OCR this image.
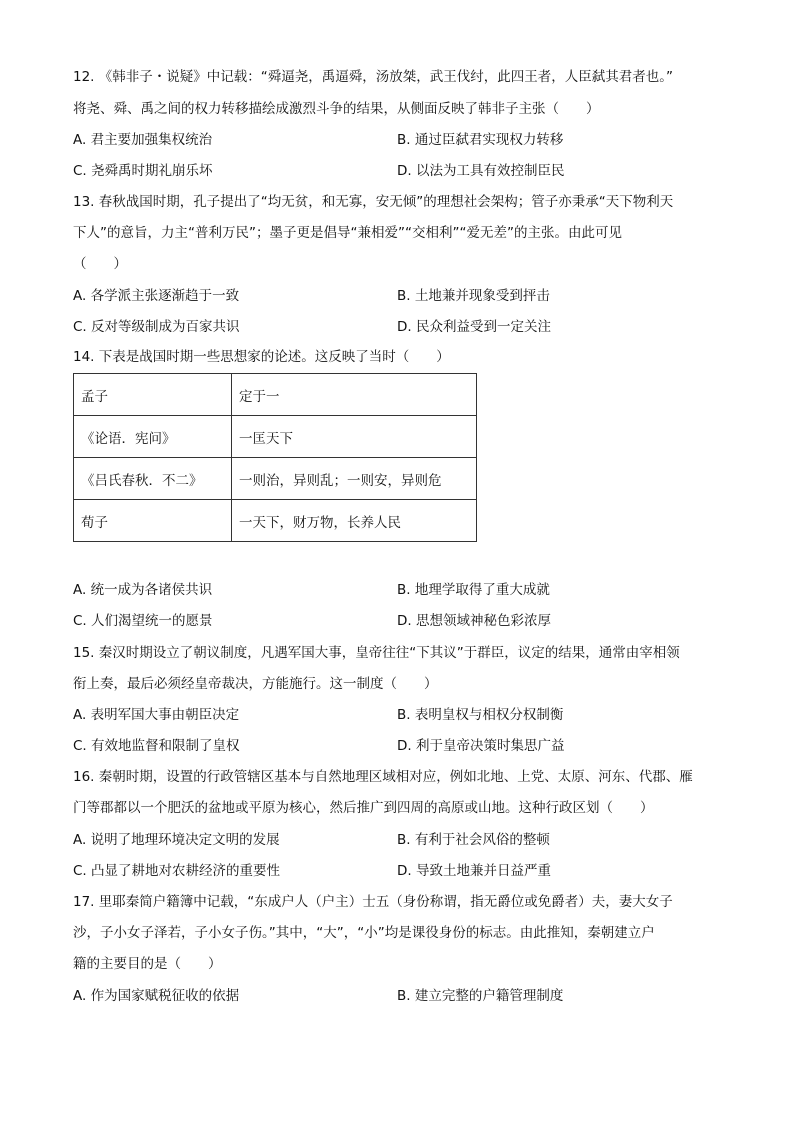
12. 《韩非子・说疑》中记载：“舜逼尧，禹逼舜，汤放桀，武王伐纣，此四王者，人臣弑其君者也。”
将尧、舜、禹之间的权力转移描绘成激烈斗争的结果，从侧面反映了韩非子主张（　　）
A. 君主要加强集权统治	B. 通过臣弑君实现权力转移
C. 尧舜禹时期礼崩乐坏	D. 以法为工具有效控制臣民
13. 春秋战国时期，孔子提出了“均无贫，和无寡，安无倾”的理想社会架构；管子亦秉承“天下物利天
下人”的意旨，力主“普利万民”；墨子更是倡导“兼相爱”“交相利”“爱无差”的主张。由此可见
（　　）
A. 各学派主张逐渐趋于一致	B. 土地兼并现象受到抨击
C. 反对等级制成为百家共识	D. 民众利益受到一定关注
14. 下表是战国时期一些思想家的论述。这反映了当时（　　）
孟子	定于一
《论语．宪问》	一匡天下
《吕氏春秋．不二》	一则治，异则乱；一则安，异则危
荀子	一天下，财万物，长养人民
A. 统一成为各诸侯共识	B. 地理学取得了重大成就
C. 人们渴望统一的愿景	D. 思想领域神秘色彩浓厚
15. 秦汉时期设立了朝议制度，凡遇军国大事，皇帝往往“下其议”于群臣，议定的结果，通常由宰相领
衔上奏，最后必须经皇帝裁决，方能施行。这一制度（　　）
A. 表明军国大事由朝臣决定	B. 表明皇权与相权分权制衡
C. 有效地监督和限制了皇权	D. 利于皇帝决策时集思广益
16. 秦朝时期，设置的行政管辖区基本与自然地理区域相对应，例如北地、上党、太原、河东、代郡、雁
门等郡都以一个肥沃的盆地或平原为核心，然后推广到四周的高原或山地。这种行政区划（　　）
A. 说明了地理环境决定文明的发展	B. 有利于社会风俗的整顿
C. 凸显了耕地对农耕经济的重要性	D. 导致土地兼并日益严重
17. 里耶秦简户籍簿中记载，“东成户人（户主）士五（身份称谓，指无爵位或免爵者）夫，妻大女子
沙，子小女子泽若，子小女子伤。”其中，“大”，“小”均是课役身份的标志。由此推知，秦朝建立户
籍的主要目的是（　　）
A. 作为国家赋税征收的依据	B. 建立完整的户籍管理制度
